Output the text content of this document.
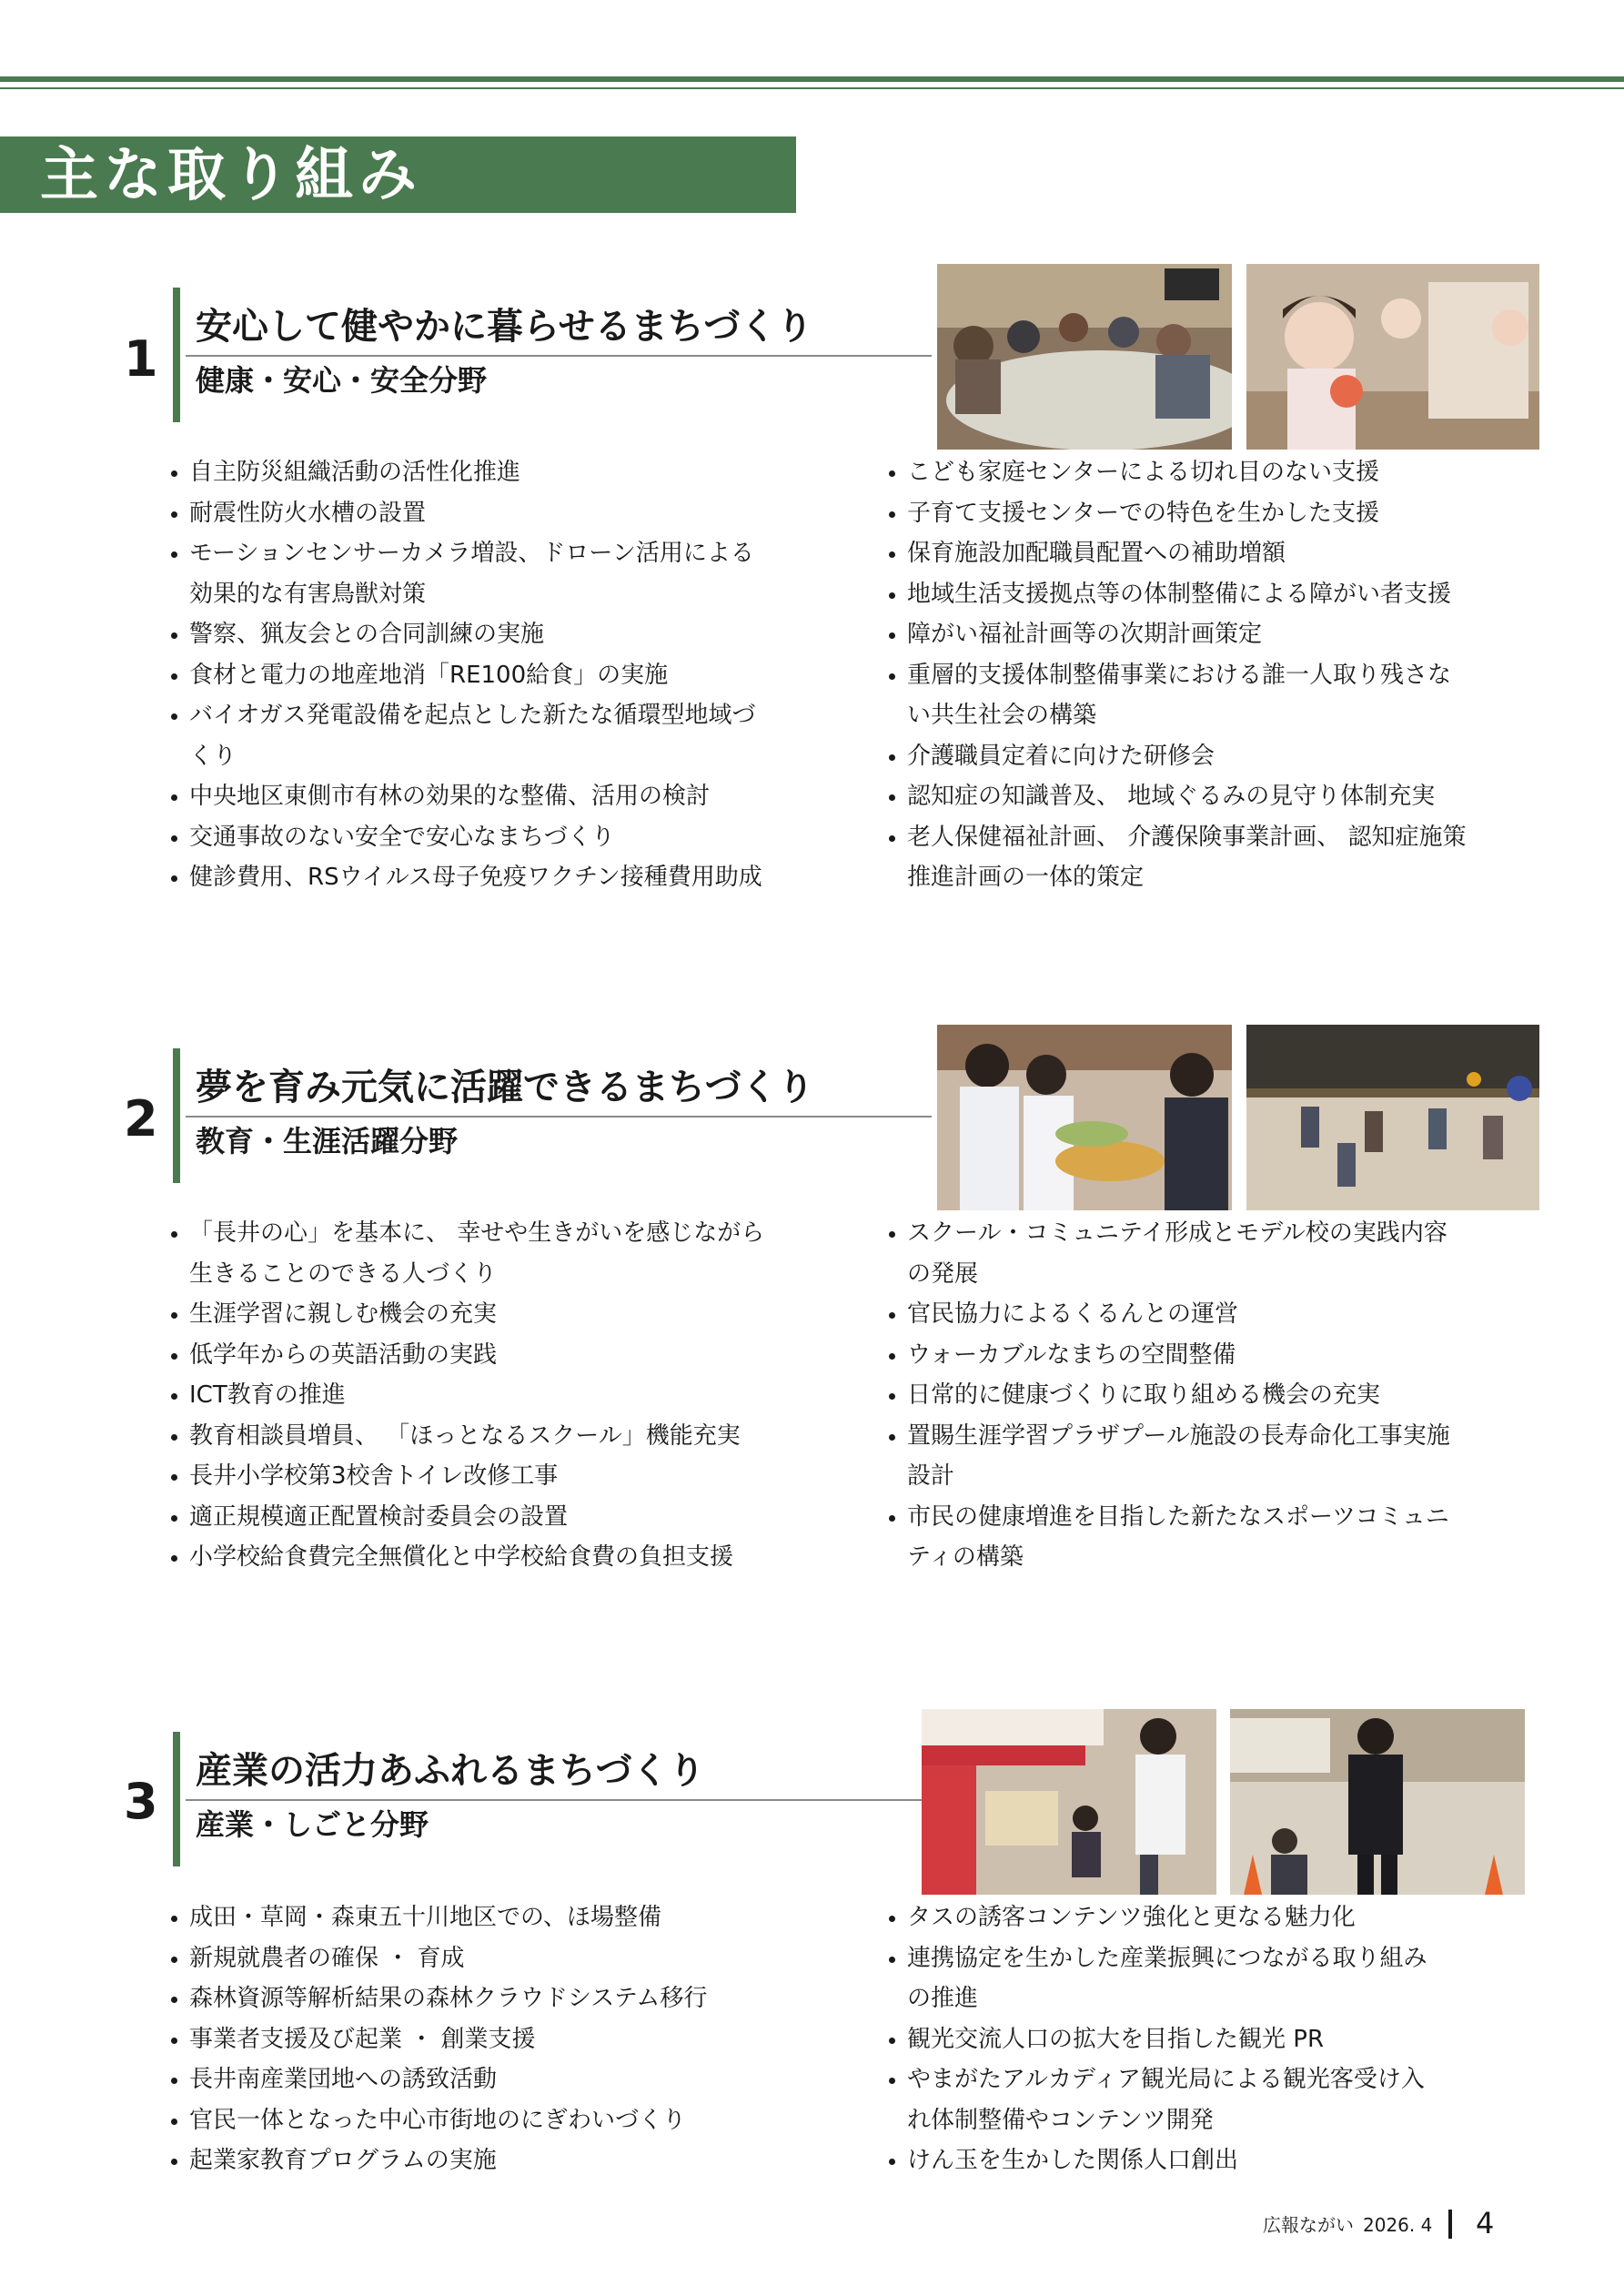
主な取り組み
1
安心して健やかに暮らせるまちづくり
健康・安心・安全分野
自主防災組織活動の活性化推進
耐震性防火水槽の設置
モーションセンサーカメラ増設、ドローン活用による
効果的な有害鳥獣対策
警察、猟友会との合同訓練の実施
食材と電力の地産地消「RE100給食」の実施
バイオガス発電設備を起点とした新たな循環型地域づ
くり
中央地区東側市有林の効果的な整備、活用の検討
交通事故のない安全で安心なまちづくり
健診費用、RSウイルス母子免疫ワクチン接種費用助成
こども家庭センターによる切れ目のない支援
子育て支援センターでの特色を生かした支援
保育施設加配職員配置への補助増額
地域生活支援拠点等の体制整備による障がい者支援
障がい福祉計画等の次期計画策定
重層的支援体制整備事業における誰一人取り残さな
い共生社会の構築
介護職員定着に向けた研修会
認知症の知識普及、 地域ぐるみの見守り体制充実
老人保健福祉計画、 介護保険事業計画、 認知症施策
推進計画の一体的策定
2
夢を育み元気に活躍できるまちづくり
教育・生涯活躍分野
「長井の心」を基本に、 幸せや生きがいを感じながら
生きることのできる人づくり
生涯学習に親しむ機会の充実
低学年からの英語活動の実践
ICT教育の推進
教育相談員増員、 「ほっとなるスクール」機能充実
長井小学校第3校舎トイレ改修工事
適正規模適正配置検討委員会の設置
小学校給食費完全無償化と中学校給食費の負担支援
スクール・コミュニテイ形成とモデル校の実践内容
の発展
官民協力によるくるんとの運営
ウォーカブルなまちの空間整備
日常的に健康づくりに取り組める機会の充実
置賜生涯学習プラザプール施設の長寿命化工事実施
設計
市民の健康増進を目指した新たなスポーツコミュニ
ティの構築
3
産業の活力あふれるまちづくり
産業・しごと分野
成田・草岡・森東五十川地区での、ほ場整備
新規就農者の確保 ・ 育成
森林資源等解析結果の森林クラウドシステム移行
事業者支援及び起業 ・ 創業支援
長井南産業団地への誘致活動
官民一体となった中心市街地のにぎわいづくり
起業家教育プログラムの実施
タスの誘客コンテンツ強化と更なる魅力化
連携協定を生かした産業振興につながる取り組み
の推進
観光交流人口の拡大を目指した観光 PR
やまがたアルカディア観光局による観光客受け入
れ体制整備やコンテンツ開発
けん玉を生かした関係人口創出
広報ながい 2026. 4 4
